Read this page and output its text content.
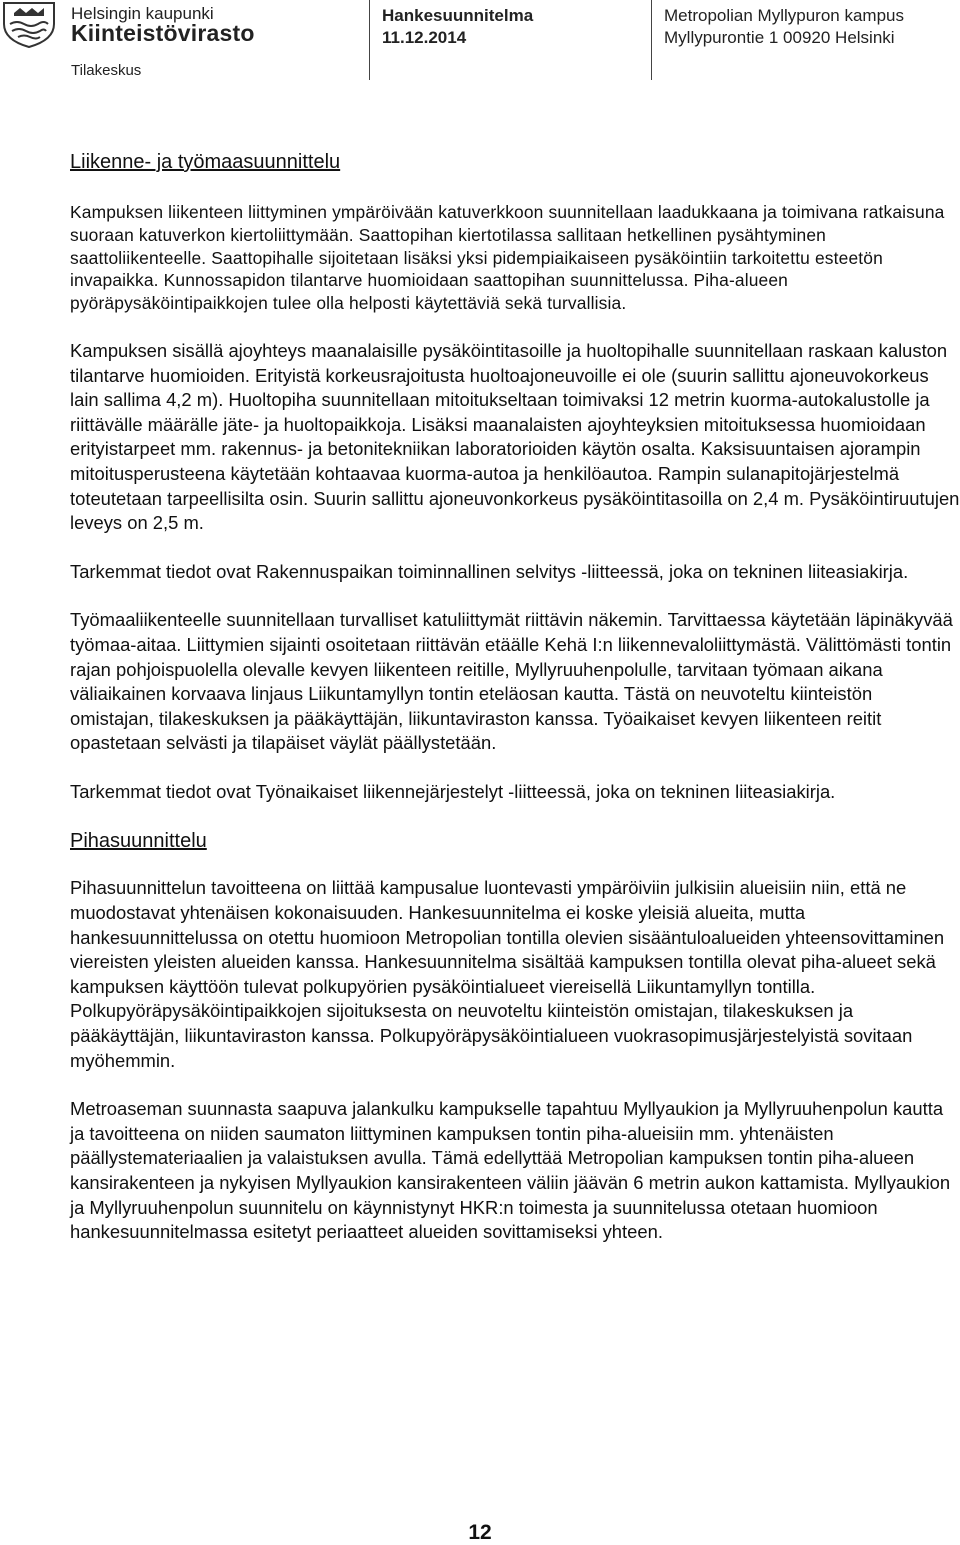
Helsingin kaupunki
Kiinteistövirasto
Tilakeskus
Hankesuunnitelma
11.12.2014
Metropolian Myllypuron kampus
Myllypurontie 1 00920 Helsinki
Liikenne- ja työmaasuunnittelu

Kampuksen liikenteen liittyminen ympäröivään katuverkkoon suunnitellaan laadukkaana ja toimivana ratkaisuna suoraan katuverkon kiertoliittymään. Saattopihan kiertotilassa sallitaan hetkellinen pysähtyminen saattoliikenteelle. Saattopihalle sijoitetaan lisäksi yksi pidempiaikaiseen pysäköintiin tarkoitettu esteetön invapaikka. Kunnossapidon tilantarve huomioidaan saattopihan suunnittelussa. Piha-alueen pyöräpysäköintipaikkojen tulee olla helposti käytettäviä sekä turvallisia.

Kampuksen sisällä ajoyhteys maanalaisille pysäköintitasoille ja huoltopihalle suunnitellaan raskaan kaluston tilantarve huomioiden. Erityistä korkeusrajoitusta huoltoajoneuvoille ei ole (suurin sallittu ajoneuvokorkeus lain sallima 4,2 m). Huoltopiha suunnitellaan mitoitukseltaan toimivaksi 12 metrin kuorma-autokalustolle ja riittävälle määrälle jäte- ja huoltopaikkoja. Lisäksi maanalaisten ajoyhteyksien mitoituksessa huomioidaan erityistarpeet mm. rakennus- ja betonitekniikan laboratorioiden käytön osalta. Kaksisuuntaisen ajorampin mitoitusperusteena käytetään kohtaavaa kuorma-autoa ja henkilöautoa. Rampin sulanapitojärjestelmä toteutetaan tarpeellisilta osin. Suurin sallittu ajoneuvonkorkeus pysäköintitasoilla on 2,4 m. Pysäköintiruutujen leveys on 2,5 m.

Tarkemmat tiedot ovat Rakennuspaikan toiminnallinen selvitys -liitteessä, joka on tekninen liiteasiakirja.

Työmaaliikenteelle suunnitellaan turvalliset katuliittymät riittävin näkemin. Tarvittaessa käytetään läpinäkyvää työmaa-aitaa. Liittymien sijainti osoitetaan riittävän etäälle Kehä I:n liikennevaloliittymästä. Välittömästi tontin rajan pohjoispuolella olevalle kevyen liikenteen reitille, Myllyruuhenpolulle, tarvitaan työmaan aikana väliaikainen korvaava linjaus Liikuntamyllyn tontin eteläosan kautta. Tästä on neuvoteltu kiinteistön omistajan, tilakeskuksen ja pääkäyttäjän, liikuntaviraston kanssa. Työaikaiset kevyen liikenteen reitit opastetaan selvästi ja tilapäiset väylät päällystetään.

Tarkemmat tiedot ovat Työnaikaiset liikennejärjestelyt -liitteessä, joka on tekninen liiteasiakirja.

Pihasuunnittelu

Pihasuunnittelun tavoitteena on liittää kampusalue luontevasti ympäröiviin julkisiin alueisiin niin, että ne muodostavat yhtenäisen kokonaisuuden. Hankesuunnitelma ei koske yleisiä alueita, mutta hankesuunnittelussa on otettu huomioon Metropolian tontilla olevien sisääntuloalueiden yhteensovittaminen viereisten yleisten alueiden kanssa. Hankesuunnitelma sisältää kampuksen tontilla olevat piha-alueet sekä kampuksen käyttöön tulevat polkupyörien pysäköintialueet viereisellä Liikuntamyllyn tontilla. Polkupyöräpysäköintipaikkojen sijoituksesta on neuvoteltu kiinteistön omistajan, tilakeskuksen ja pääkäyttäjän, liikuntaviraston kanssa. Polkupyöräpysäköintialueen vuokrasopimusjärjestelyistä sovitaan myöhemmin.

Metroaseman suunnasta saapuva jalankulku kampukselle tapahtuu Myllyaukion ja Myllyruuhenpolun kautta ja tavoitteena on niiden saumaton liittyminen kampuksen tontin piha-alueisiin mm. yhtenäisten päällystemateriaalien ja valaistuksen avulla. Tämä edellyttää Metropolian kampuksen tontin piha-alueen kansirakenteen ja nykyisen Myllyaukion kansirakenteen väliin jäävän 6 metrin aukon kattamista. Myllyaukion ja Myllyruuhenpolun suunnitelu on käynnistynyt HKR:n toimesta ja suunnitelussa otetaan huomioon hankesuunnitelmassa esitetyt periaatteet alueiden sovittamiseksi yhteen.

12
